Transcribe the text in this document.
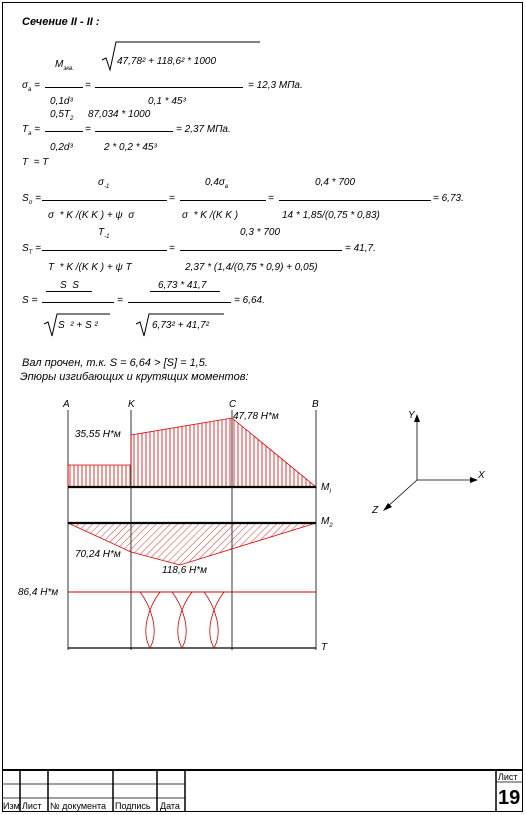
Сечение II - II :
$M_{экв.}$
47,78² + 118,6² * 1000
$\sigma_a$ =	=	= 12,3 МПа.
0,1d³	0,1 * 45³
$0,5T_2$ 87,034 * 1000
$T_a$ =	=	= 2,37 МПа.
0,2d³	2 * 0,2 * 45³
T  = T
$\sigma_{-1}$	$0,4\sigma_в$	0,4 * 700
$S_\sigma$ =	=	=	= 6,73.
σ  * K /(K K ) + ψ  σ	σ  * K /(K K )	14 * 1,85/(0,75 * 0,83)
$T_{-1}$	0,3 * 700
$S_T$ =	=	= 41,7.
T  * K /(K K ) + ψ T	2,37 * (1,4/(0,75 * 0,9) + 0,05)
S  S	6,73 * 41,7
S =	=	= 6,64.
S  ² + S ²	6,73² + 41,7²
Вал прочен, т.к. S = 6,64 > [S] = 1,5.
Эпюры изгибающих и крутящих моментов:
A	K	C	B
47,78 Н*м
35,55 Н*м
$M_I$
$M_2$
70,24 Н*м
118,6 Н*м
86,4 Н*м
T
Y
X
Z
Изм Лист № документа Подпись Дата
Лист
19
